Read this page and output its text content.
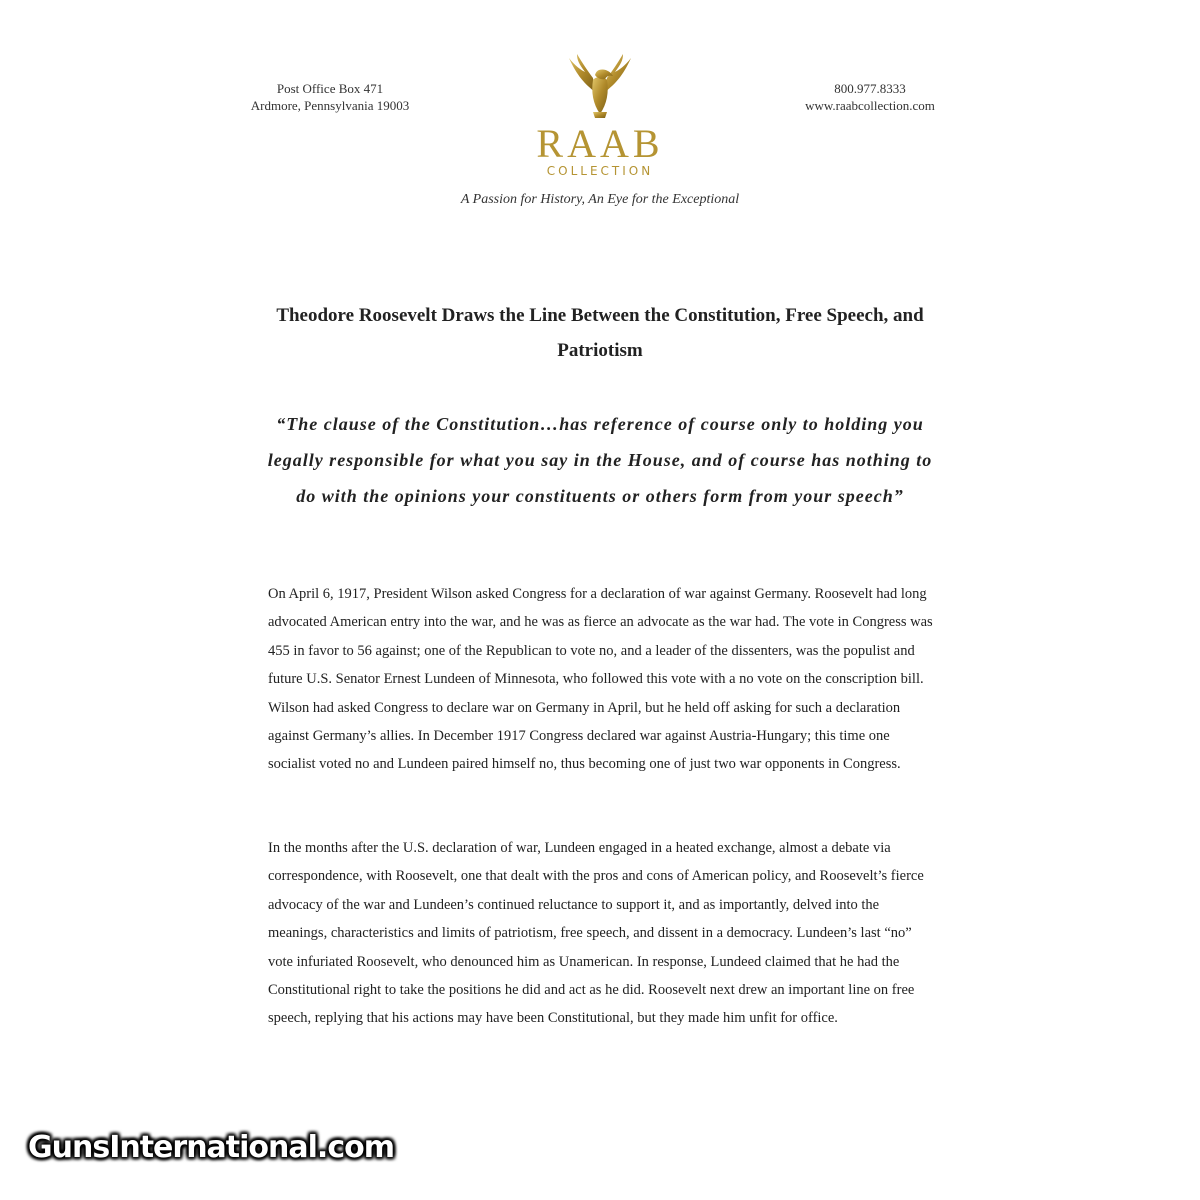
Post Office Box 471
Ardmore, Pennsylvania 19003
RAAB
COLLECTION
800.977.8333
www.raabcollection.com
A Passion for History, An Eye for the Exceptional
Theodore Roosevelt Draws the Line Between the Constitution, Free Speech, and Patriotism
“The clause of the Constitution…has reference of course only to holding you legally responsible for what you say in the House, and of course has nothing to do with the opinions your constituents or others form from your speech”
On April 6, 1917, President Wilson asked Congress for a declaration of war against Germany. Roosevelt had long advocated American entry into the war, and he was as fierce an advocate as the war had. The vote in Congress was 455 in favor to 56 against; one of the Republican to vote no, and a leader of the dissenters, was the populist and future U.S. Senator Ernest Lundeen of Minnesota, who followed this vote with a no vote on the conscription bill. Wilson had asked Congress to declare war on Germany in April, but he held off asking for such a declaration against Germany’s allies. In December 1917 Congress declared war against Austria-Hungary; this time one socialist voted no and Lundeen paired himself no, thus becoming one of just two war opponents in Congress.
In the months after the U.S. declaration of war, Lundeen engaged in a heated exchange, almost a debate via correspondence, with Roosevelt, one that dealt with the pros and cons of American policy, and Roosevelt’s fierce advocacy of the war and Lundeen’s continued reluctance to support it, and as importantly, delved into the meanings, characteristics and limits of patriotism, free speech, and dissent in a democracy. Lundeen’s last “no” vote infuriated Roosevelt, who denounced him as Unamerican. In response, Lundeed claimed that he had the Constitutional right to take the positions he did and act as he did. Roosevelt next drew an important line on free speech, replying that his actions may have been Constitutional, but they made him unfit for office.
GunsInternational.com
